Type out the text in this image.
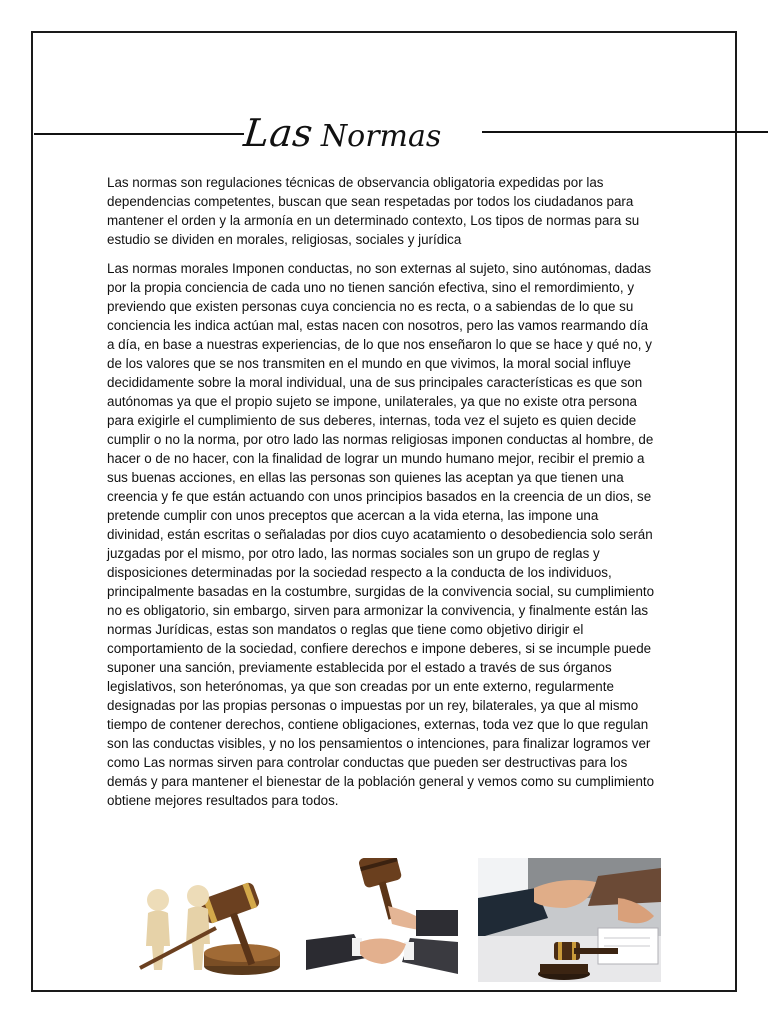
Las Normas

Las normas son regulaciones técnicas de observancia obligatoria expedidas por las dependencias competentes, buscan que sean respetadas por todos los ciudadanos para mantener el orden y la armonía en un determinado contexto, Los tipos de normas para su estudio se dividen en morales, religiosas, sociales y jurídica

Las normas morales Imponen conductas, no son externas al sujeto, sino autónomas, dadas por la propia conciencia de cada uno no tienen sanción efectiva, sino el remordimiento, y previendo que existen personas cuya conciencia no es recta, o a sabiendas de lo que su conciencia les indica actúan mal, estas nacen con nosotros, pero las vamos rearmando día a día, en base a nuestras experiencias, de lo que nos enseñaron lo que se hace y qué no, y de los valores que se nos transmiten en el mundo en que vivimos, la moral social influye decididamente sobre la moral individual, una de sus principales características es que son autónomas ya que el propio sujeto se impone, unilaterales, ya que no existe otra persona para exigirle el cumplimiento de sus deberes, internas, toda vez el sujeto es quien decide cumplir o no la norma, por otro lado las normas religiosas imponen conductas al hombre, de hacer o de no hacer, con la finalidad de lograr un mundo humano mejor, recibir el premio a sus buenas acciones, en ellas las personas son quienes las aceptan ya que tienen una creencia y fe que están actuando con unos principios basados en la creencia de un dios, se pretende cumplir con unos preceptos que acercan a la vida eterna, las impone una divinidad, están escritas o señaladas por dios cuyo acatamiento o desobediencia solo serán juzgadas por el mismo, por otro lado, las normas sociales son un grupo de reglas y disposiciones determinadas por la sociedad respecto a la conducta de los individuos, principalmente basadas en la costumbre, surgidas de la convivencia social, su cumplimiento no es obligatorio, sin embargo, sirven para armonizar la convivencia, y finalmente están las normas Jurídicas, estas son mandatos o reglas que tiene como objetivo dirigir el comportamiento de la sociedad, confiere derechos e impone deberes, si se incumple puede suponer una sanción, previamente establecida por el estado a través de sus órganos legislativos, son heterónomas, ya que son creadas por un ente externo, regularmente designadas por las propias personas o impuestas por un rey, bilaterales, ya que al mismo tiempo de contener derechos, contiene obligaciones, externas, toda vez que lo que regulan son las conductas visibles, y no los pensamientos o intenciones, para finalizar logramos ver como Las normas sirven para controlar conductas que pueden ser destructivas para los demás y para mantener el bienestar de la población general y vemos como su cumplimiento obtiene mejores resultados para todos.
